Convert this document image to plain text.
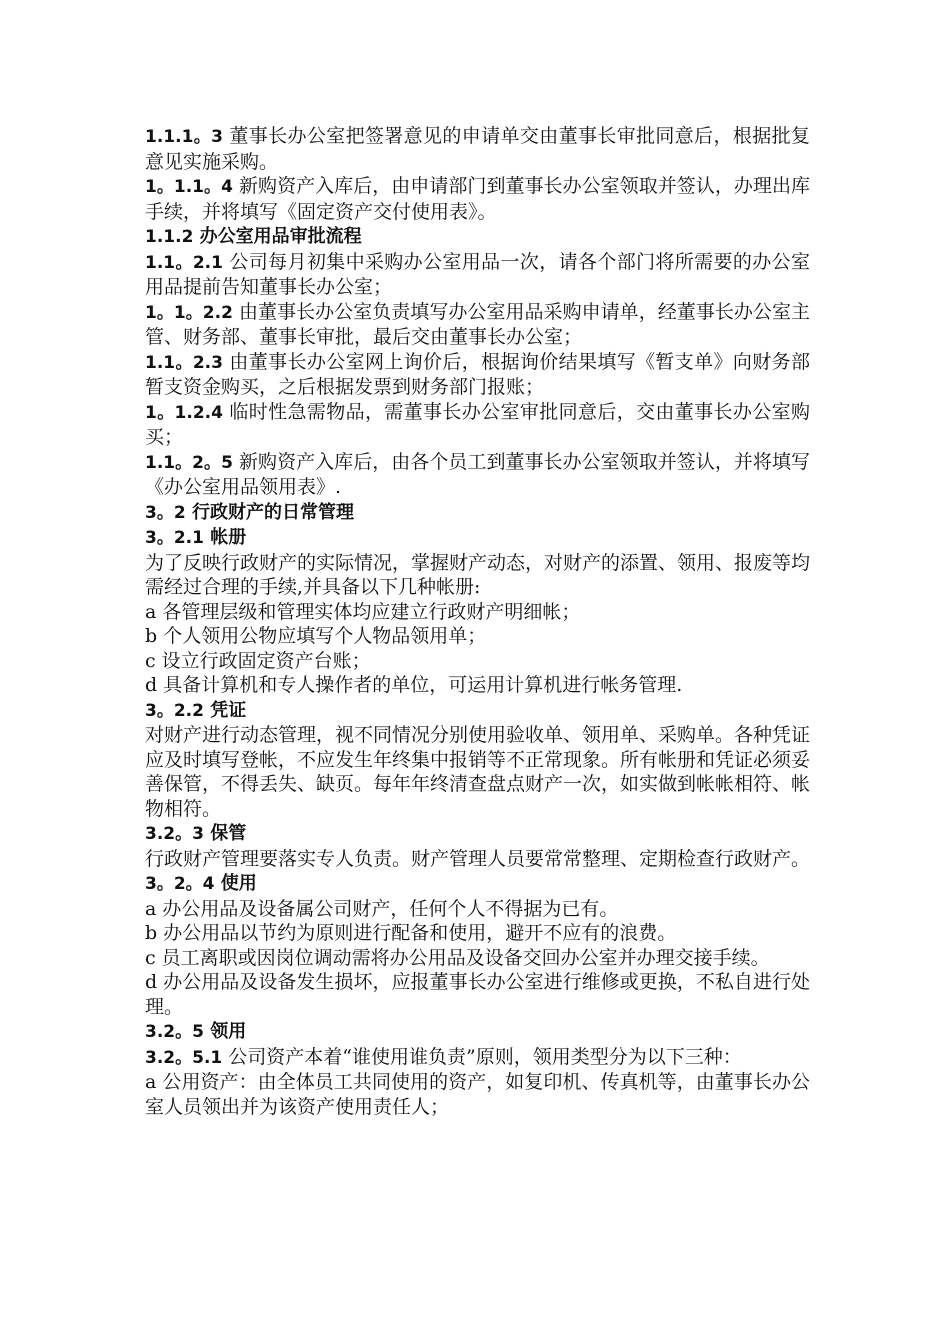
1.1.1。3 董事长办公室把签署意见的申请单交由董事长审批同意后，根据批复意见实施采购。

1。1.1。4 新购资产入库后，由申请部门到董事长办公室领取并签认，办理出库手续，并将填写《固定资产交付使用表》。

1.1.2 办公室用品审批流程

1.1。2.1 公司每月初集中采购办公室用品一次，请各个部门将所需要的办公室用品提前告知董事长办公室；

1。1。2.2 由董事长办公室负责填写办公室用品采购申请单，经董事长办公室主管、财务部、董事长审批，最后交由董事长办公室；

1.1。2.3 由董事长办公室网上询价后，根据询价结果填写《暂支单》向财务部暂支资金购买，之后根据发票到财务部门报账；

1。1.2.4 临时性急需物品，需董事长办公室审批同意后，交由董事长办公室购买；

1.1。2。5 新购资产入库后，由各个员工到董事长办公室领取并签认，并将填写《办公室用品领用表》.

3。2 行政财产的日常管理

3。2.1 帐册

为了反映行政财产的实际情况，掌握财产动态，对财产的添置、领用、报废等均需经过合理的手续,并具备以下几种帐册:

a 各管理层级和管理实体均应建立行政财产明细帐；

b 个人领用公物应填写个人物品领用单；

c 设立行政固定资产台账；

d 具备计算机和专人操作者的单位，可运用计算机进行帐务管理.

3。2.2 凭证

对财产进行动态管理，视不同情况分别使用验收单、领用单、采购单。各种凭证应及时填写登帐，不应发生年终集中报销等不正常现象。所有帐册和凭证必须妥善保管，不得丢失、缺页。每年年终清查盘点财产一次，如实做到帐帐相符、帐物相符。

3.2。3 保管

行政财产管理要落实专人负责。财产管理人员要常常整理、定期检查行政财产。

3。2。4 使用

a 办公用品及设备属公司财产，任何个人不得据为已有。

b 办公用品以节约为原则进行配备和使用，避开不应有的浪费。

c 员工离职或因岗位调动需将办公用品及设备交回办公室并办理交接手续。

d 办公用品及设备发生损坏，应报董事长办公室进行维修或更换，不私自进行处理。

3.2。5 领用

3.2。5.1 公司资产本着“谁使用谁负责”原则，领用类型分为以下三种：

a 公用资产：由全体员工共同使用的资产，如复印机、传真机等，由董事长办公室人员领出并为该资产使用责任人；
